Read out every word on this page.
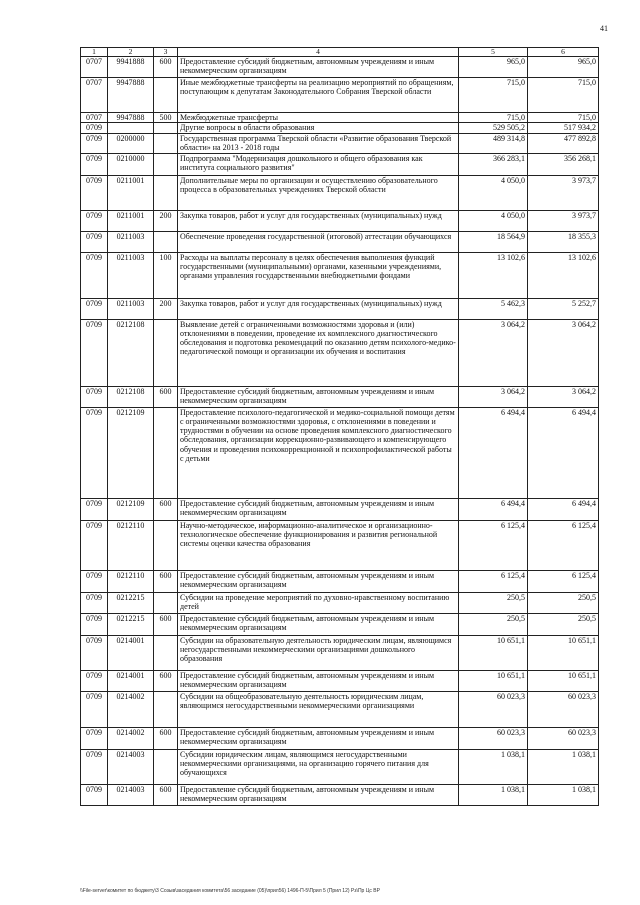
41
1	2	3	4	5	6
0707	9941888	600	Предоставление субсидий бюджетным, автономным учреждениям и иным некоммерческим организациям	965,0	965,0
0707	9947888		Иные межбюджетные трансферты на реализацию мероприятий по обращениям, поступающим к депутатам Законодательного Собрания Тверской области	715,0	715,0
0707	9947888	500	Межбюджетные трансферты	715,0	715,0
0709			Другие вопросы в области образования	529 505,2	517 934,2
0709	0200000		Государственная программа Тверской области «Развитие образования Тверской области» на 2013 - 2018 годы	489 314,8	477 892,8
0709	0210000		Подпрограмма "Модернизация дошкольного и общего образования как института социального развития"	366 283,1	356 268,1
0709	0211001		Дополнительные меры по организации и осуществлению образовательного процесса в образовательных учреждениях Тверской области	4 050,0	3 973,7
0709	0211001	200	Закупка товаров, работ и услуг для государственных (муниципальных) нужд	4 050,0	3 973,7
0709	0211003		Обеспечение проведения государственной (итоговой) аттестации обучающихся	18 564,9	18 355,3
0709	0211003	100	Расходы на выплаты персоналу в целях обеспечения выполнения функций государственными (муниципальными) органами, казенными учреждениями, органами управления государственными внебюджетными фондами	13 102,6	13 102,6
0709	0211003	200	Закупка товаров, работ и услуг для государственных (муниципальных) нужд	5 462,3	5 252,7
0709	0212108		Выявление детей с ограниченными возможностями здоровья и (или) отклонениями в поведении, проведение их комплексного диагностического обследования и подготовка рекомендаций по оказанию детям психолого-медико-педагогической помощи и организации их обучения и воспитания	3 064,2	3 064,2
0709	0212108	600	Предоставление субсидий бюджетным, автономным учреждениям и иным некоммерческим организациям	3 064,2	3 064,2
0709	0212109		Предоставление психолого-педагогической и медико-социальной помощи детям с ограниченными возможностями здоровья, с отклонениями в поведении и трудностями в обучении на основе проведения комплексного диагностического обследования, организации коррекционно-развивающего и компенсирующего обучения и проведения психокоррекционной и психопрофилактической работы с детьми	6 494,4	6 494,4
0709	0212109	600	Предоставление субсидий бюджетным, автономным учреждениям и иным некоммерческим организациям	6 494,4	6 494,4
0709	0212110		Научно-методическое, информационно-аналитическое и организационно-технологическое обеспечение функционирования и развития региональной системы оценки качества образования	6 125,4	6 125,4
0709	0212110	600	Предоставление субсидий бюджетным, автономным учреждениям и иным некоммерческим организациям	6 125,4	6 125,4
0709	0212215		Субсидии на проведение мероприятий по духовно-нравственному воспитанию детей	250,5	250,5
0709	0212215	600	Предоставление субсидий бюджетным, автономным учреждениям и иным некоммерческим организациям	250,5	250,5
0709	0214001		Субсидии на образовательную деятельность юридическим лицам, являющимся негосударственными некоммерческими организациями дошкольного образования	10 651,1	10 651,1
0709	0214001	600	Предоставление субсидий бюджетным, автономным учреждениям и иным некоммерческим организациям	10 651,1	10 651,1
0709	0214002		Субсидии на общеобразовательную деятельность юридическим лицам, являющимся негосударственными некоммерческими организациями	60 023,3	60 023,3
0709	0214002	600	Предоставление субсидий бюджетным, автономным учреждениям и иным некоммерческим организациям	60 023,3	60 023,3
0709	0214003		Субсидии юридическим лицам, являющимся негосударственными некоммерческими организациями, на организацию горячего питания для обучающихся	1 038,1	1 038,1
0709	0214003	600	Предоставление субсидий бюджетным, автономным учреждениям и иным некоммерческим организациям	1 038,1	1 038,1
\\File-server\комитет по бюджету\3 Созыв\заседания комитета\56 заседание (05)\прил56) 1496-П-5\Прил 5 (Прил 12) Рз\Пр Цс ВР
